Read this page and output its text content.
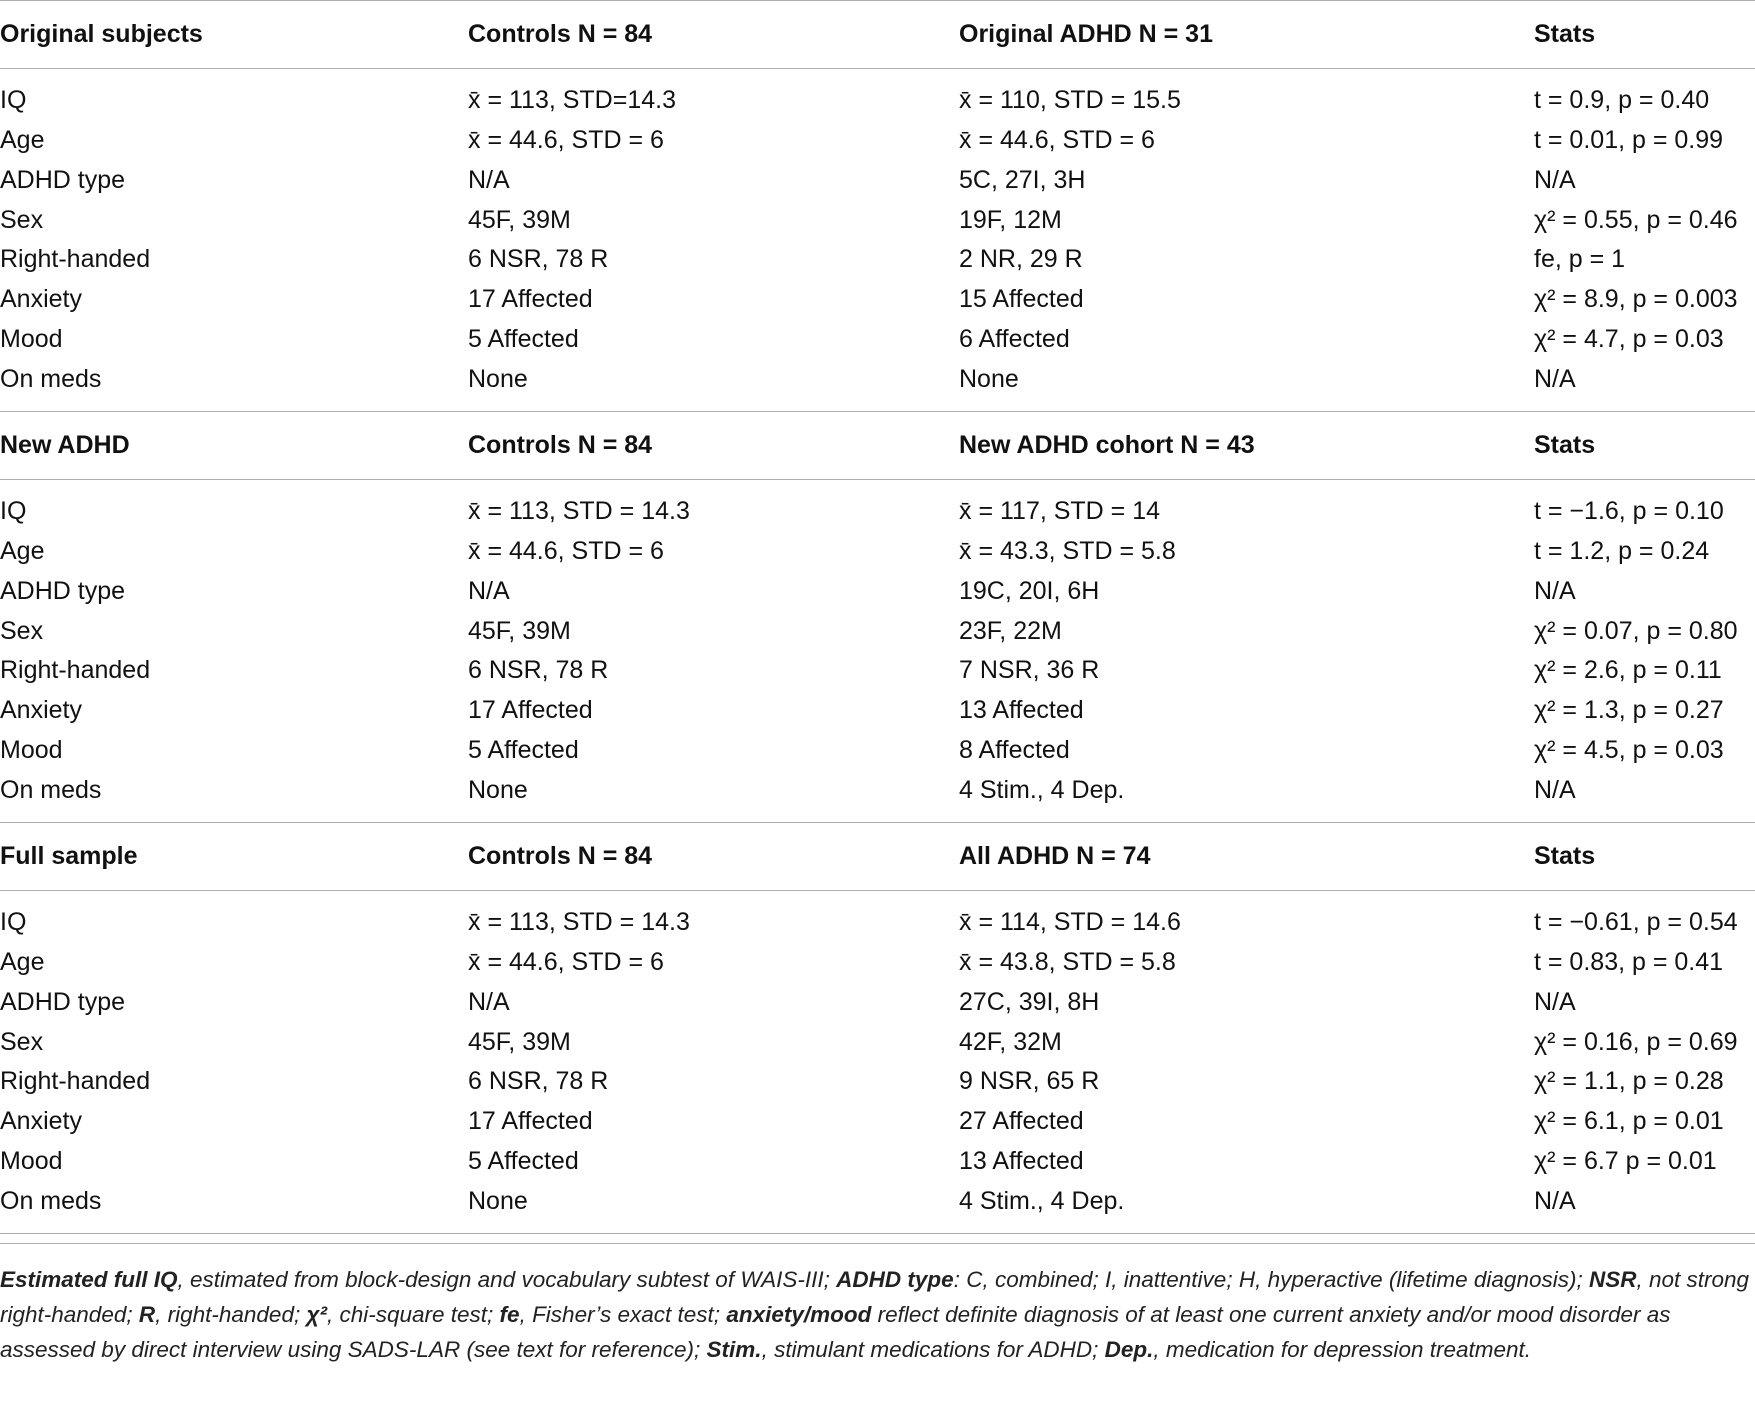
Original subjects	Controls N = 84	Original ADHD N = 31	Stats

IQ	x̄ = 113, STD=14.3	x̄ = 110, STD = 15.5	t = 0.9, p = 0.40
Age	x̄ = 44.6, STD = 6	x̄ = 44.6, STD = 6	t = 0.01, p = 0.99
ADHD type	N/A	5C, 27I, 3H	N/A
Sex	45F, 39M	19F, 12M	χ² = 0.55, p = 0.46
Right-handed	6 NSR, 78 R	2 NR, 29 R	fe, p = 1
Anxiety	17 Affected	15 Affected	χ² = 8.9, p = 0.003
Mood	5 Affected	6 Affected	χ² = 4.7, p = 0.03
On meds	None	None	N/A

New ADHD	Controls N = 84	New ADHD cohort N = 43	Stats

IQ	x̄ = 113, STD = 14.3	x̄ = 117, STD = 14	t = −1.6, p = 0.10
Age	x̄ = 44.6, STD = 6	x̄ = 43.3, STD = 5.8	t = 1.2, p = 0.24
ADHD type	N/A	19C, 20I, 6H	N/A
Sex	45F, 39M	23F, 22M	χ² = 0.07, p = 0.80
Right-handed	6 NSR, 78 R	7 NSR, 36 R	χ² = 2.6, p = 0.11
Anxiety	17 Affected	13 Affected	χ² = 1.3, p = 0.27
Mood	5 Affected	8 Affected	χ² = 4.5, p = 0.03
On meds	None	4 Stim., 4 Dep.	N/A

Full sample	Controls N = 84	All ADHD N = 74	Stats

IQ	x̄ = 113, STD = 14.3	x̄ = 114, STD = 14.6	t = −0.61, p = 0.54
Age	x̄ = 44.6, STD = 6	x̄ = 43.8, STD = 5.8	t = 0.83, p = 0.41
ADHD type	N/A	27C, 39I, 8H	N/A
Sex	45F, 39M	42F, 32M	χ² = 0.16, p = 0.69
Right-handed	6 NSR, 78 R	9 NSR, 65 R	χ² = 1.1, p = 0.28
Anxiety	17 Affected	27 Affected	χ² = 6.1, p = 0.01
Mood	5 Affected	13 Affected	χ² = 6.7 p = 0.01
On meds	None	4 Stim., 4 Dep.	N/A

Estimated full IQ, estimated from block-design and vocabulary subtest of WAIS-III; ADHD type: C, combined; I, inattentive; H, hyperactive (lifetime diagnosis); NSR, not strong right-handed; R, right-handed; χ², chi-square test; fe, Fisher’s exact test; anxiety/mood reflect definite diagnosis of at least one current anxiety and/or mood disorder as assessed by direct interview using SADS-LAR (see text for reference); Stim., stimulant medications for ADHD; Dep., medication for depression treatment.
